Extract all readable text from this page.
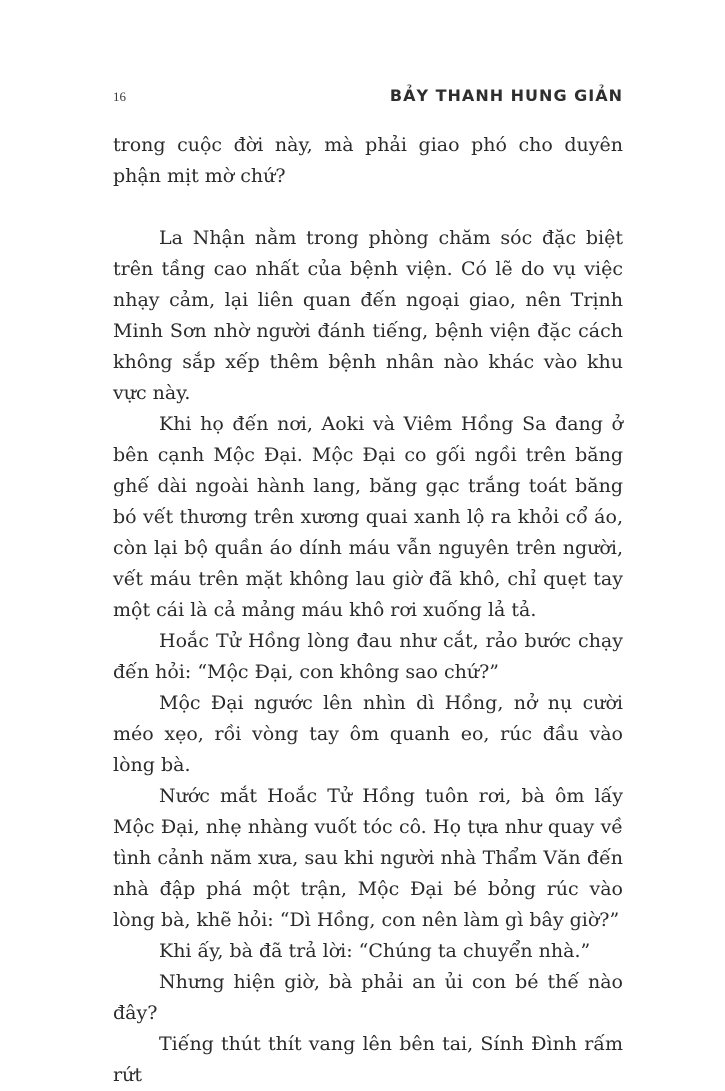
16	BẢY THANH HUNG GIẢN

trong cuộc đời này, mà phải giao phó cho duyên phận mịt mờ chứ?

La Nhận nằm trong phòng chăm sóc đặc biệt trên tầng cao nhất của bệnh viện. Có lẽ do vụ việc nhạy cảm, lại liên quan đến ngoại giao, nên Trịnh Minh Sơn nhờ người đánh tiếng, bệnh viện đặc cách không sắp xếp thêm bệnh nhân nào khác vào khu vực này.

Khi họ đến nơi, Aoki và Viêm Hồng Sa đang ở bên cạnh Mộc Đại. Mộc Đại co gối ngồi trên băng ghế dài ngoài hành lang, băng gạc trắng toát băng bó vết thương trên xương quai xanh lộ ra khỏi cổ áo, còn lại bộ quần áo dính máu vẫn nguyên trên người, vết máu trên mặt không lau giờ đã khô, chỉ quẹt tay một cái là cả mảng máu khô rơi xuống lả tả.

Hoắc Tử Hồng lòng đau như cắt, rảo bước chạy đến hỏi: “Mộc Đại, con không sao chứ?”

Mộc Đại ngước lên nhìn dì Hồng, nở nụ cười méo xẹo, rồi vòng tay ôm quanh eo, rúc đầu vào lòng bà.

Nước mắt Hoắc Tử Hồng tuôn rơi, bà ôm lấy Mộc Đại, nhẹ nhàng vuốt tóc cô. Họ tựa như quay về tình cảnh năm xưa, sau khi người nhà Thẩm Văn đến nhà đập phá một trận, Mộc Đại bé bỏng rúc vào lòng bà, khẽ hỏi: “Dì Hồng, con nên làm gì bây giờ?”

Khi ấy, bà đã trả lời: “Chúng ta chuyển nhà.”

Nhưng hiện giờ, bà phải an ủi con bé thế nào đây?

Tiếng thút thít vang lên bên tai, Sính Đình rấm rứt
